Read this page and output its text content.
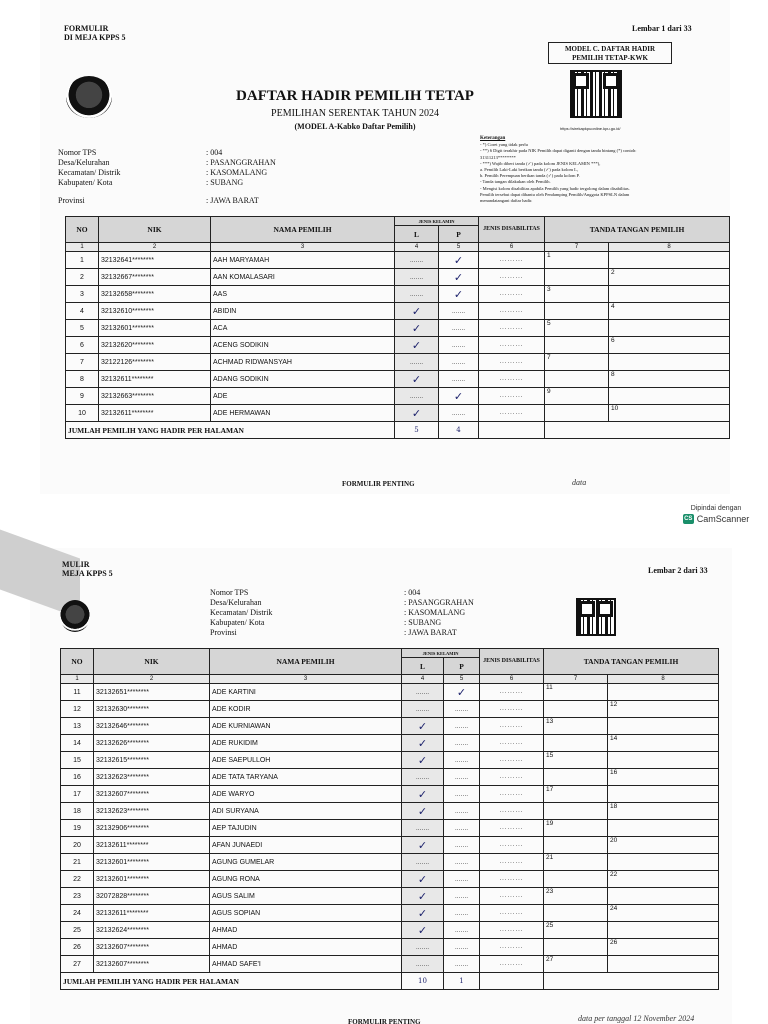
FORMULIR
DI MEJA KPPS 5
Lembar 1 dari 33
MODEL C. DAFTAR HADIR
PEMILIH TETAP-KWK
https://sirekapkpuonline.kpu.go.id/
DAFTAR HADIR PEMILIH TETAP
PEMILIHAN SERENTAK TAHUN 2024
(MODEL A-Kabko Daftar Pemilih)
Nomor TPS	: 004
Desa/Kelurahan	: PASANGGRAHAN
Kecamatan/ Distrik	: KASOMALANG
Kabupaten/ Kota	: SUBANG
Provinsi	: JAWA BARAT
Keterangan
- *) Coret yang tidak perlu
- **) 6 Digit terakhir pada NIK Pemilih dapat diganti dengan tanda bintang (*) contoh:
31311213********
- ***) Wajib diberi tanda (✓) pada kolom JENIS KELAMIN ***),
a. Pemilih Laki-Laki berikan tanda (✓) pada kolom L,
b. Pemilih Perempuan berikan tanda (✓) pada kolom P.
- Tanda tangan dilakukan oleh Pemilih.
- Mengisi kolom disabilitas apabila Pemilih yang hadir tergolong dalam disabilitas.
Pemilih tersebut dapat dibantu oleh Pendamping Pemilih/Anggota KPPSLN dalam
menandatangani daftar hadir.
NO	NIK	NAMA PEMILIH	JENIS KELAMIN		JENIS DISABILITAS	TANDA TANGAN PEMILIH	
			L	P			
1	2	3	4	5	6	7	8
1	32132641********	AAH MARYAMAH	.......	✓	.........	1	
2	32132667********	AAN KOMALASARI	.......	✓	.........		2
3	32132658********	AAS	.......	✓	.........	3	
4	32132610********	ABIDIN	✓	.......	.........		4
5	32132601********	ACA	✓	.......	.........	5	
6	32132620********	ACENG SODIKIN	✓	.......	.........		6
7	32122126********	ACHMAD RIDWANSYAH	.......	.......	.........	7	
8	32132611********	ADANG SODIKIN	✓	.......	.........		8
9	32132663********	ADE	.......	✓	.........	9	
10	32132611********	ADE HERMAWAN	✓	.......	.........		10
JUMLAH PEMILIH YANG HADIR PER HALAMAN			5	4			
FORMULIR PENTING	data
Dipindai dengan
CS CamScanner
MULIR
MEJA KPPS 5	Lembar 2 dari 33
Nomor TPS	: 004
Desa/Kelurahan	: PASANGGRAHAN
Kecamatan/ Distrik	: KASOMALANG
Kabupaten/ Kota	: SUBANG
Provinsi	: JAWA BARAT
NO	NIK	NAMA PEMILIH	JENIS KELAMIN		JENIS DISABILITAS	TANDA TANGAN PEMILIH	
			L	P			
1	2	3	4	5	6	7	8
11	32132651********	ADE KARTINI	.......	✓	.........	11	
12	32132630********	ADE KODIR	.......	.......	.........		12
13	32132646********	ADE KURNIAWAN	✓	.......	.........	13	
14	32132626********	ADE RUKIDIM	✓	.......	.........		14
15	32132615********	ADE SAEPULLOH	✓	.......	.........	15	
16	32132623********	ADE TATA TARYANA	.......	.......	.........		16
17	32132607********	ADE WARYO	✓	.......	.........	17	
18	32132623********	ADI SURYANA	✓	.......	.........		18
19	32132906********	AEP TAJUDIN	.......	.......	.........	19	
20	32132611********	AFAN JUNAEDI	✓	.......	.........		20
21	32132601********	AGUNG GUMELAR	.......	.......	.........	21	
22	32132601********	AGUNG RONA	✓	.......	.........		22
23	32072828********	AGUS SALIM	✓	.......	.........	23	
24	32132611********	AGUS SOPIAN	✓	.......	.........		24
25	32132624********	AHMAD	✓	.......	.........	25	
26	32132607********	AHMAD	.......	.......	.........		26
27	32132607********	AHMAD SAFE'I	.......	.......	.........	27	
JUMLAH PEMILIH YANG HADIR PER HALAMAN			10	1			
FORMULIR PENTING	data per tanggal 12 November 2024
